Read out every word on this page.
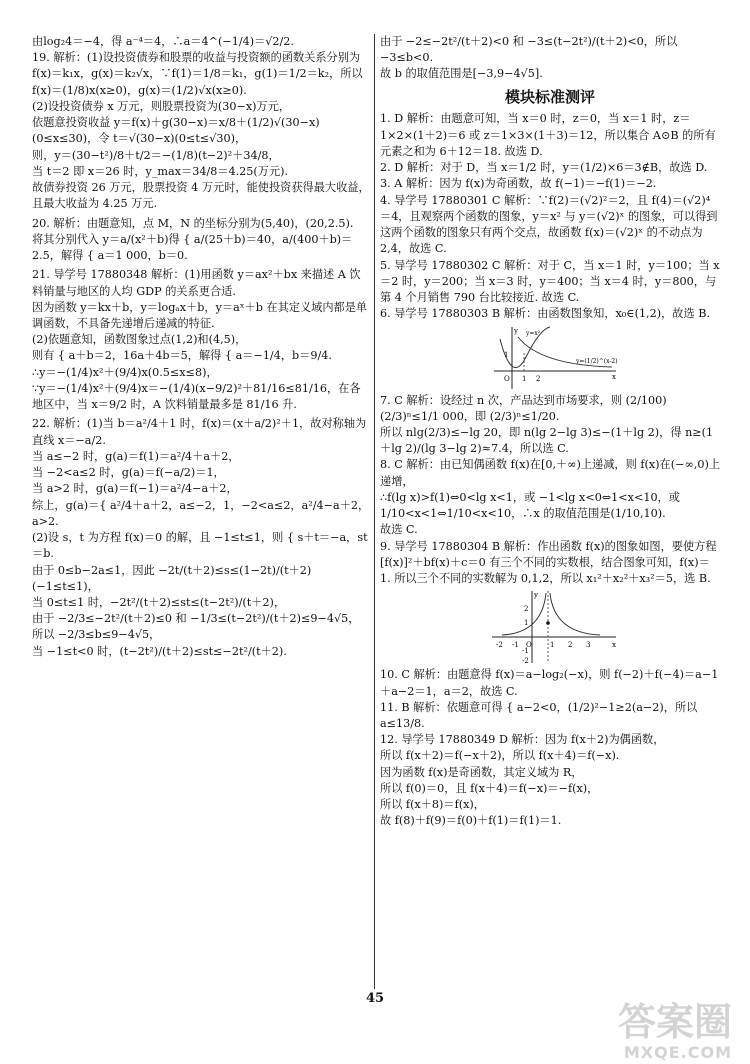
由log₂4＝−4，得 a⁻⁴＝4，∴a＝4^(−1/4)＝√2/2.

19. 解析：(1)设投资债券和股票的收益与投资额的函数关系分别为 f(x)＝k₁x，g(x)＝k₂√x，∵f(1)＝1/8＝k₁，g(1)＝1/2＝k₂，所以 f(x)＝(1/8)x(x≥0)，g(x)＝(1/2)√x(x≥0).

(2)设投资债券 x 万元，则股票投资为(30−x)万元，

依题意投资收益 y＝f(x)＋g(30−x)＝x/8＋(1/2)√(30−x)

(0≤x≤30)，令 t＝√(30−x)(0≤t≤√30)，

则，y＝(30−t²)/8＋t/2＝−(1/8)(t−2)²＋34/8，

当 t＝2 即 x＝26 时，y_max＝34/8＝4.25(万元).

故债券投资 26 万元，股票投资 4 万元时，能使投资获得最大收益，且最大收益为 4.25 万元.

20. 解析：由题意知，点 M，N 的坐标分别为(5,40)，(20,2.5).

将其分别代入 y＝a/(x²＋b)得 { a/(25＋b)＝40，a/(400＋b)＝2.5，解得 { a＝1 000，b＝0.

21. 导学号 17880348 解析：(1)用函数 y＝ax²＋bx 来描述 A 饮料销量与地区的人均 GDP 的关系更合适.

因为函数 y＝kx＋b，y＝logₐx＋b，y＝aˣ＋b 在其定义域内都是单调函数，不具备先递增后递减的特征.

(2)依题意知，函数图象过点(1,2)和(4,5)，

则有 { a＋b＝2，16a＋4b＝5，解得 { a＝−1/4，b＝9/4.

∴y＝−(1/4)x²＋(9/4)x(0.5≤x≤8)，

∵y＝−(1/4)x²＋(9/4)x＝−(1/4)(x−9/2)²＋81/16≤81/16，在各地区中，当 x＝9/2 时，A 饮料销量最多是 81/16 升.

22. 解析：(1)当 b＝a²/4＋1 时，f(x)＝(x＋a/2)²＋1，故对称轴为直线 x＝−a/2.

当 a≤−2 时，g(a)＝f(1)＝a²/4＋a＋2，

当 −2<a≤2 时，g(a)＝f(−a/2)＝1，

当 a>2 时，g(a)＝f(−1)＝a²/4−a＋2，

综上，g(a)＝{ a²/4＋a＋2，a≤−2，1，−2<a≤2，a²/4−a＋2，a>2.

(2)设 s，t 为方程 f(x)＝0 的解，且 −1≤t≤1，则 { s＋t＝−a，st＝b.

由于 0≤b−2a≤1，因此 −2t/(t＋2)≤s≤(1−2t)/(t＋2)(−1≤t≤1)，

当 0≤t≤1 时，−2t²/(t＋2)≤st≤(t−2t²)/(t＋2)，

由于 −2/3≤−2t²/(t＋2)≤0 和 −1/3≤(t−2t²)/(t＋2)≤9−4√5，

所以 −2/3≤b≤9−4√5，

当 −1≤t<0 时，(t−2t²)/(t＋2)≤st≤−2t²/(t＋2).

由于 −2≤−2t²/(t＋2)<0 和 −3≤(t−2t²)/(t＋2)<0，所以 −3≤b<0.

故 b 的取值范围是[−3,9−4√5].

模块标准测评

1. D 解析：由题意可知，当 x＝0 时，z＝0，当 x＝1 时，z＝1×2×(1＋2)＝6 或 z＝1×3×(1＋3)＝12，所以集合 A⊙B 的所有元素之和为 6＋12＝18. 故选 D.

2. D 解析：对于 D，当 x＝1/2 时，y＝(1/2)×6＝3∉B，故选 D.

3. A 解析：因为 f(x)为奇函数，故 f(−1)＝−f(1)＝−2.

4. 导学号 17880301 C 解析：∵f(2)＝(√2)²＝2，且 f(4)＝(√2)⁴＝4，且观察两个函数的图象，y＝x² 与 y＝(√2)ˣ 的图象，可以得到这两个函数的图象只有两个交点，故函数 f(x)＝(√2)ˣ 的不动点为 2,4，故选 C.

5. 导学号 17880302 C 解析：对于 C，当 x＝1 时，y＝100；当 x＝2 时，y＝200；当 x＝3 时，y＝400；当 x＝4 时，y＝800，与第 4 个月销售 790 台比较接近. 故选 C.

6. 导学号 17880303 B 解析：由函数图象知，x₀∈(1,2)，故选 B.

y=x²
y=(1/2)^(x-2)
x
y
O 1 2
1

7. C 解析：设经过 n 次，产品达到市场要求，则 (2/100)(2/3)ⁿ≤1/1 000，即 (2/3)ⁿ≤1/20.

所以 nlg(2/3)≤−lg 20，即 n(lg 2−lg 3)≤−(1＋lg 2)，得 n≥(1＋lg 2)/(lg 3−lg 2)≈7.4，所以选 C.

8. C 解析：由已知偶函数 f(x)在[0,＋∞)上递减，则 f(x)在(−∞,0)上递增，

∴f(lg x)>f(1)⇔0<lg x<1，或 −1<lg x<0⇔1<x<10，或 1/10<x<1⇔1/10<x<10，∴x 的取值范围是(1/10,10).

故选 C.

9. 导学号 17880304 B 解析：作出函数 f(x)的图象如图，要使方程[f(x)]²＋bf(x)＋c＝0 有三个不同的实数根，结合图象可知，f(x)＝1. 所以三个不同的实数解为 0,1,2，所以 x₁²＋x₂²＋x₃²＝5，选 B.

x
y
-2 -1 O	1 2 3
2
1
-1
-2

10. C 解析：由题意得 f(x)＝a−log₂(−x)，则 f(−2)＋f(−4)＝a−1＋a−2＝1，a＝2，故选 C.

11. B 解析：依题意可得 { a−2<0，(1/2)²−1≥2(a−2)，所以 a≤13/8.

12. 导学号 17880349 D 解析：因为 f(x＋2)为偶函数，

所以 f(x＋2)＝f(−x＋2)，所以 f(x＋4)＝f(−x).

因为函数 f(x)是奇函数，其定义域为 R，

所以 f(0)＝0，且 f(x＋4)＝f(−x)＝−f(x)，

所以 f(x＋8)＝f(x)，

故 f(8)＋f(9)＝f(0)＋f(1)＝f(1)＝1.

45
答案圈
MXQE.COM
